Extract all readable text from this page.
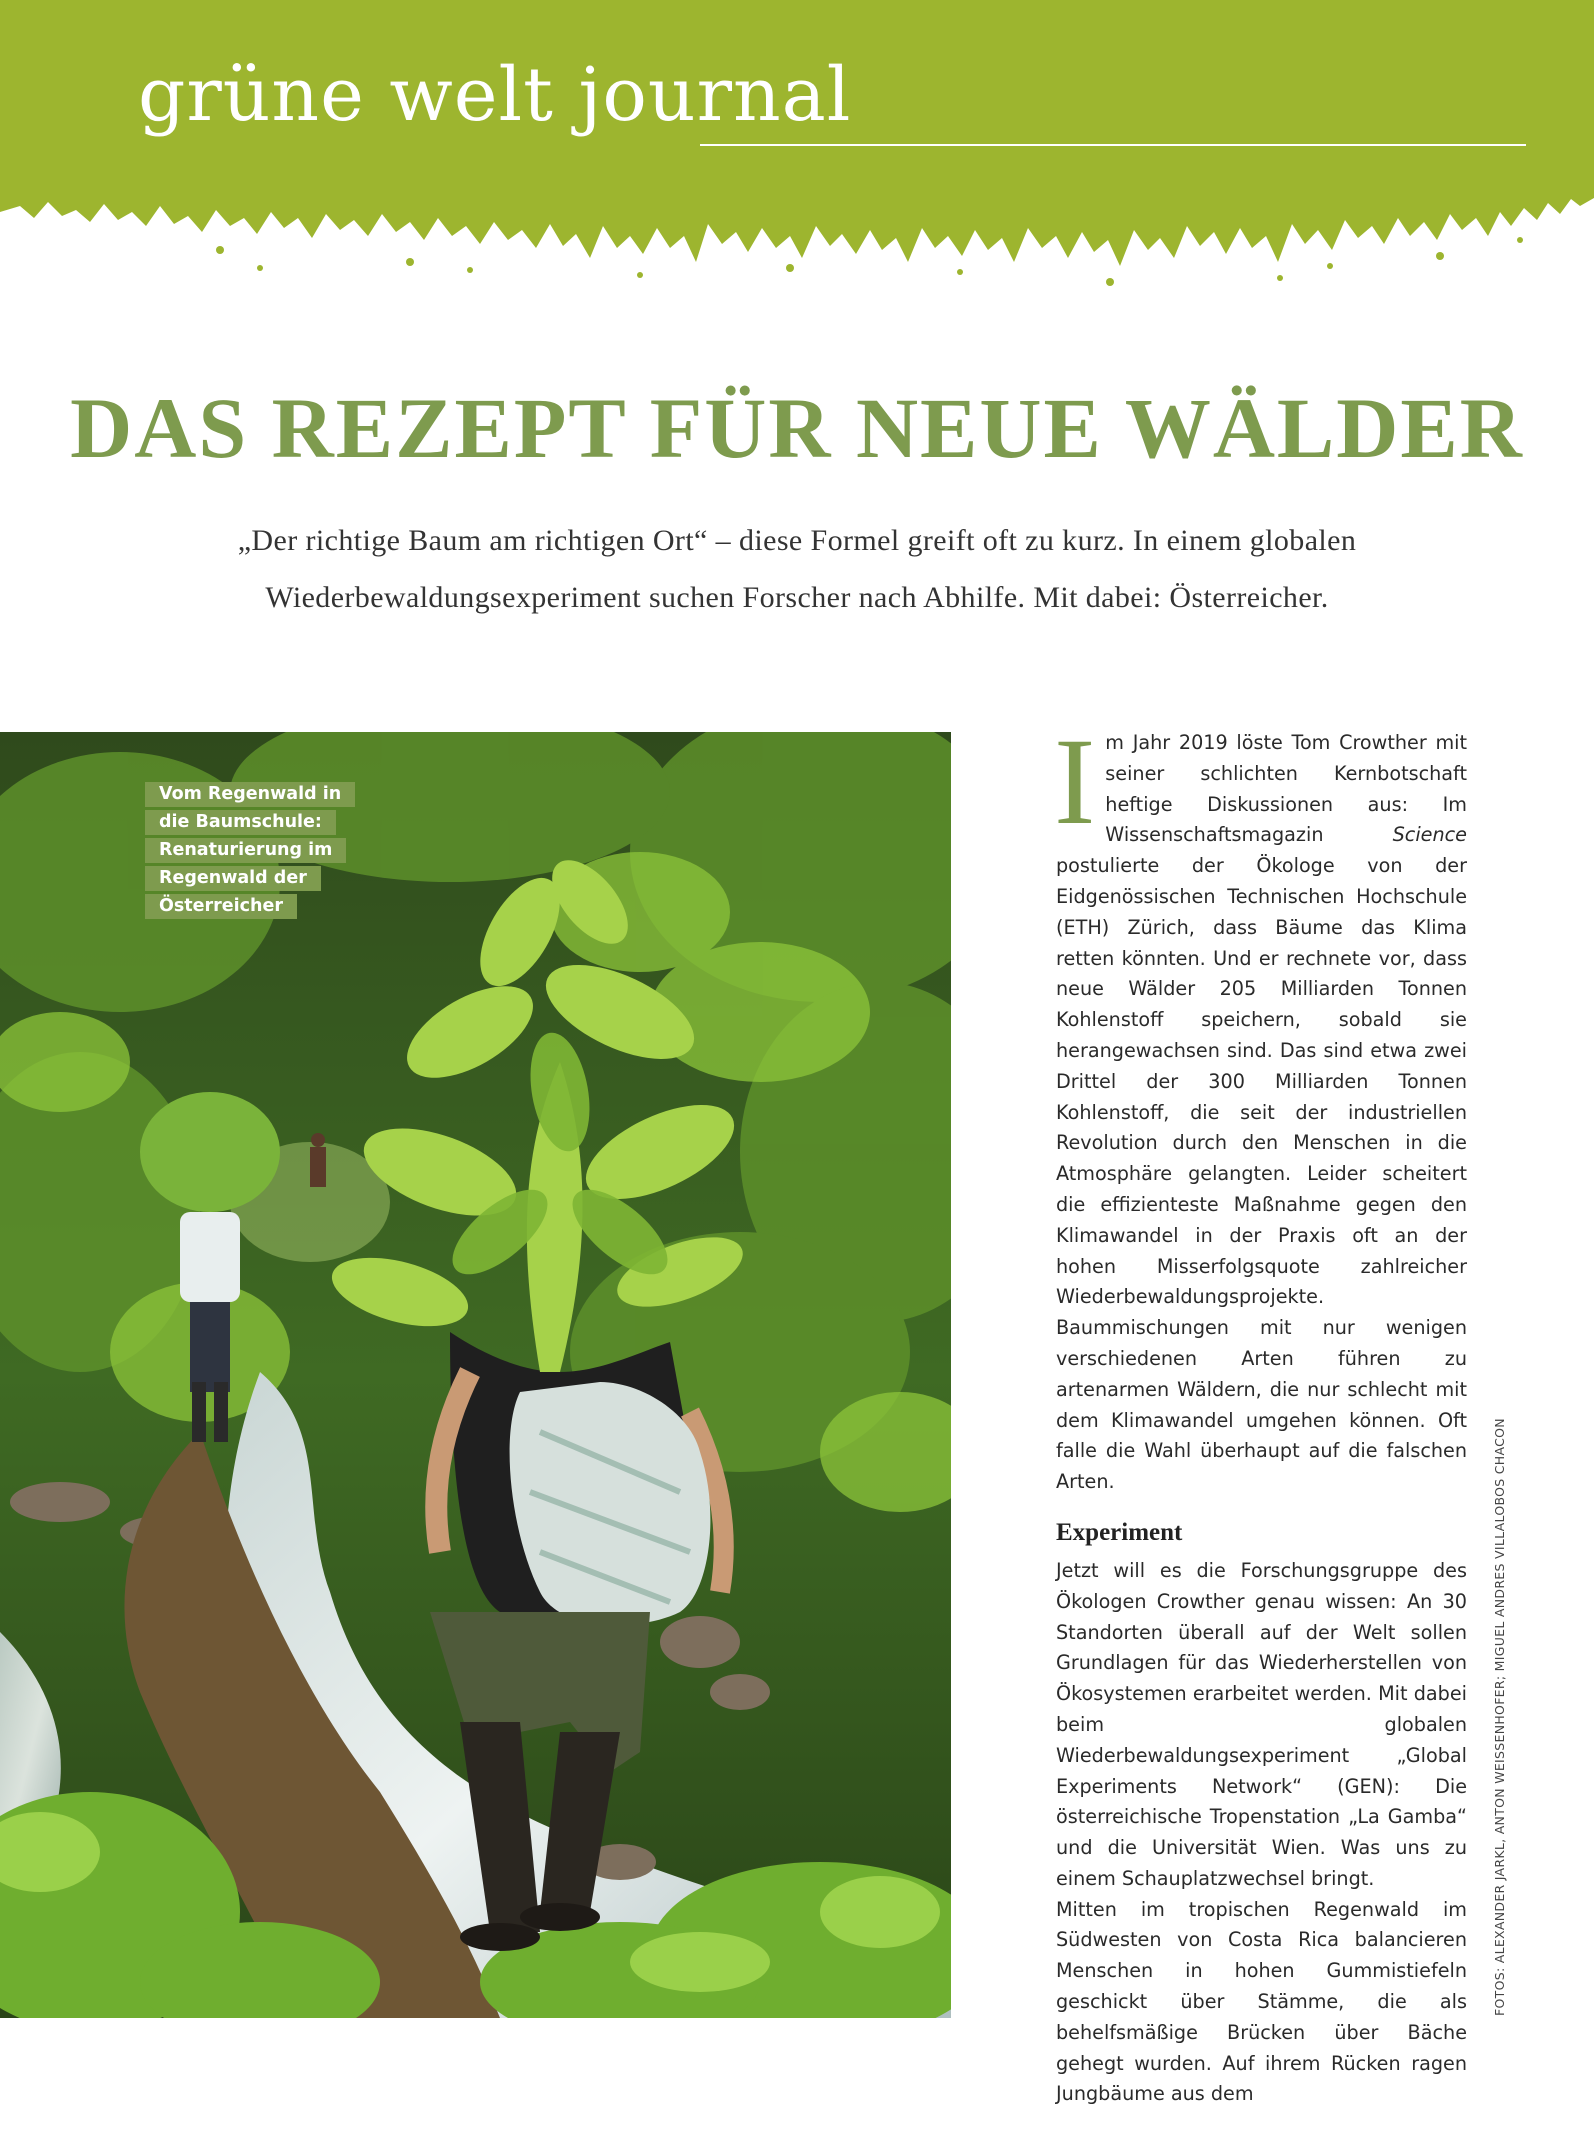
grüne welt journal
DAS REZEPT FÜR NEUE WÄLDER

„Der richtige Baum am richtigen Ort“ – diese Formel greift oft zu kurz. In einem globalen Wiederbewaldungsexperiment suchen Forscher nach Abhilfe. Mit dabei: Österreicher.

Vom Regenwald in die Baumschule: Renaturierung im Regenwald der Österreicher

Im Jahr 2019 löste Tom Crowther mit seiner schlichten Kernbotschaft heftige Diskussionen aus: Im Wissenschaftsmagazin Science postulierte der Ökologe von der Eidgenössischen Technischen Hochschule (ETH) Zürich, dass Bäume das Klima retten könnten. Und er rechnete vor, dass neue Wälder 205 Milliarden Tonnen Kohlenstoff speichern, sobald sie herangewachsen sind. Das sind etwa zwei Drittel der 300 Milliarden Tonnen Kohlenstoff, die seit der industriellen Revolution durch den Menschen in die Atmosphäre gelangten. Leider scheitert die effizienteste Maßnahme gegen den Klimawandel in der Praxis oft an der hohen Misserfolgsquote zahlreicher Wiederbewaldungsprojekte. Baummischungen mit nur wenigen verschiedenen Arten führen zu artenarmen Wäldern, die nur schlecht mit dem Klimawandel umgehen können. Oft falle die Wahl überhaupt auf die falschen Arten.

Experiment

Jetzt will es die Forschungsgruppe des Ökologen Crowther genau wissen: An 30 Standorten überall auf der Welt sollen Grundlagen für das Wiederherstellen von Ökosystemen erarbeitet werden. Mit dabei beim globalen Wiederbewaldungsexperiment „Global Experiments Network“ (GEN): Die österreichische Tropenstation „La Gamba“ und die Universität Wien. Was uns zu einem Schauplatzwechsel bringt.

Mitten im tropischen Regenwald im Südwesten von Costa Rica balancieren Menschen in hohen Gummistiefeln geschickt über Stämme, die als behelfsmäßige Brücken über Bäche gehegt wurden. Auf ihrem Rücken ragen Jungbäume aus dem

FOTOS: ALEXANDER JARKL, ANTON WEISSENHOFER; MIGUEL ANDRES VILLALOBOS CHACON
